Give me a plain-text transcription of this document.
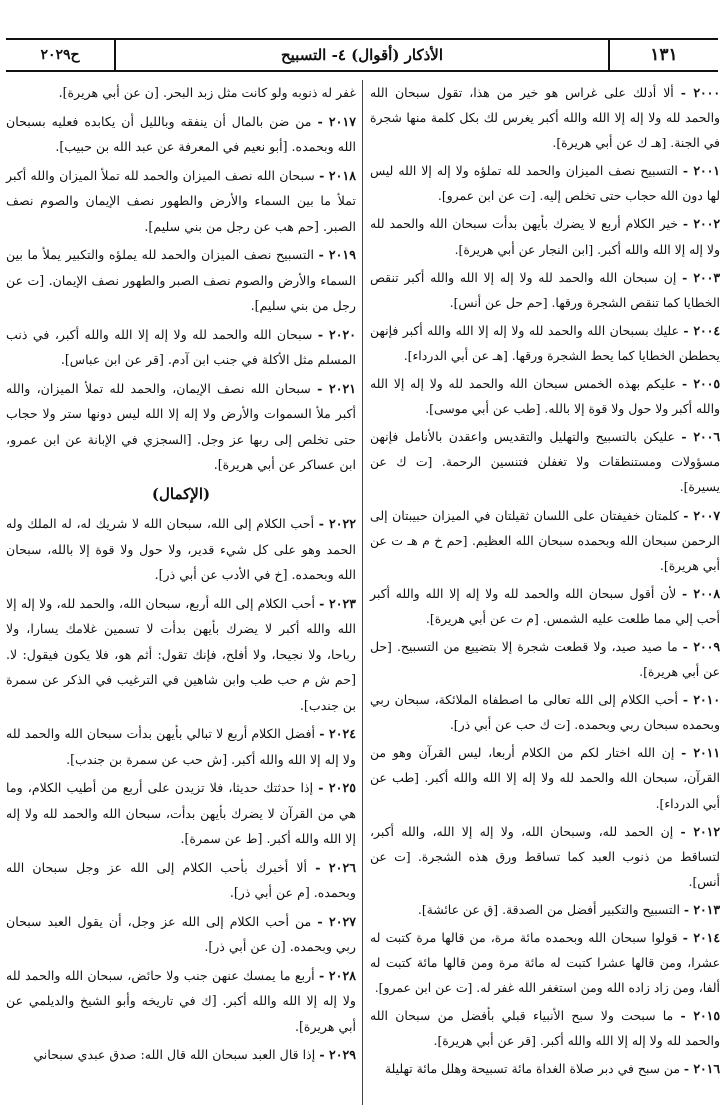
١٣١
الأذكار (أقوال) ٤- التسبيح
ح٢٠٢٩
٢٠٠٠ - ألا أدلك على غراس هو خير من هذا، تقول سبحان الله والحمد لله ولا إله إلا الله والله أكبر يغرس لك بكل كلمة منها شجرة في الجنة. [هـ ك عن أبي هريرة].
٢٠٠١ - التسبيح نصف الميزان والحمد لله تملؤه ولا إله إلا الله ليس لها دون الله حجاب حتى تخلص إليه. [ت عن ابن عمرو].
٢٠٠٢ - خير الكلام أربع لا يضرك بأيهن بدأت سبحان الله والحمد لله ولا إله إلا الله والله أكبر. [ابن النجار عن أبي هريرة].
٢٠٠٣ - إن سبحان الله والحمد لله ولا إله إلا الله والله أكبر تنقص الخطايا كما تنقص الشجرة ورقها. [حم حل عن أنس].
٢٠٠٤ - عليك بسبحان الله والحمد لله ولا إله إلا الله والله أكبر فإنهن يحططن الخطايا كما يحط الشجرة ورقها. [هـ عن أبي الدرداء].
٢٠٠٥ - عليكم بهذه الخمس سبحان الله والحمد لله ولا إله إلا الله والله أكبر ولا حول ولا قوة إلا بالله. [طب عن أبي موسى].
٢٠٠٦ - عليكن بالتسبيح والتهليل والتقديس واعقدن بالأنامل فإنهن مسؤولات ومستنطقات ولا تغفلن فتنسين الرحمة. [ت ك عن يسيرة].
٢٠٠٧ - كلمتان خفيفتان على اللسان ثقيلتان في الميزان حبيبتان إلى الرحمن سبحان الله وبحمده سبحان الله العظيم. [حم خ م هـ ت عن أبي هريرة].
٢٠٠٨ - لأن أقول سبحان الله والحمد لله ولا إله إلا الله والله أكبر أحب إلي مما طلعت عليه الشمس. [م ت عن أبي هريرة].
٢٠٠٩ - ما صيد صيد، ولا قطعت شجرة إلا بتضييع من التسبيح. [حل عن أبي هريرة].
٢٠١٠ - أحب الكلام إلى الله تعالى ما اصطفاه الملائكة، سبحان ربي وبحمده سبحان ربي وبحمده. [ت ك حب عن أبي ذر].
٢٠١١ - إن الله اختار لكم من الكلام أربعا، ليس القرآن وهو من القرآن، سبحان الله والحمد لله ولا إله إلا الله والله أكبر. [طب عن أبي الدرداء].
٢٠١٢ - إن الحمد لله، وسبحان الله، ولا إله إلا الله، والله أكبر، لتساقط من ذنوب العبد كما تساقط ورق هذه الشجرة. [ت عن أنس].
٢٠١٣ - التسبيح والتكبير أفضل من الصدقة. [ق عن عائشة].
٢٠١٤ - قولوا سبحان الله وبحمده مائة مرة، من قالها مرة كتبت له عشرا، ومن قالها عشرا كتبت له مائة مرة ومن قالها مائة كتبت له ألفا، ومن زاد زاده الله ومن استغفر الله غفر له. [ت عن ابن عمرو].
٢٠١٥ - ما سبحت ولا سبح الأنبياء قبلي بأفضل من سبحان الله والحمد لله ولا إله إلا الله والله أكبر. [قر عن أبي هريرة].
٢٠١٦ - من سبح في دبر صلاة الغداة مائة تسبيحة وهلل مائة تهليلة
غفر له ذنوبه ولو كانت مثل زبد البحر. [ن عن أبي هريرة].
٢٠١٧ - من ضن بالمال أن ينفقه وبالليل أن يكابده فعليه بسبحان الله وبحمده. [أبو نعيم في المعرفة عن عبد الله بن حبيب].
٢٠١٨ - سبحان الله نصف الميزان والحمد لله تملأ الميزان والله أكبر تملأ ما بين السماء والأرض والطهور نصف الإيمان والصوم نصف الصبر. [حم هب عن رجل من بني سليم].
٢٠١٩ - التسبيح نصف الميزان والحمد لله يملؤه والتكبير يملأ ما بين السماء والأرض والصوم نصف الصبر والطهور نصف الإيمان. [ت عن رجل من بني سليم].
٢٠٢٠ - سبحان الله والحمد لله ولا إله إلا الله والله أكبر، في ذنب المسلم مثل الأكلة في جنب ابن آدم. [قر عن ابن عباس].
٢٠٢١ - سبحان الله نصف الإيمان، والحمد لله تملأ الميزان، والله أكبر ملأ السموات والأرض ولا إله إلا الله ليس دونها ستر ولا حجاب حتى تخلص إلى ربها عز وجل. [السجزي في الإبانة عن ابن عمرو، ابن عساكر عن أبي هريرة].
(الإكمال)
٢٠٢٢ - أحب الكلام إلى الله، سبحان الله لا شريك له، له الملك وله الحمد وهو على كل شيء قدير، ولا حول ولا قوة إلا بالله، سبحان الله وبحمده. [خ في الأدب عن أبي ذر].
٢٠٢٣ - أحب الكلام إلى الله أربع، سبحان الله، والحمد لله، ولا إله إلا الله والله أكبر لا يضرك بأيهن بدأت لا تسمين غلامك يسارا، ولا رباحا، ولا نجيحا، ولا أفلح، فإنك تقول: أثم هو، فلا يكون فيقول: لا. [حم ش م حب طب وابن شاهين في الترغيب في الذكر عن سمرة بن جندب].
٢٠٢٤ - أفضل الكلام أربع لا تبالي بأيهن بدأت سبحان الله والحمد لله ولا إله إلا الله والله أكبر. [ش حب عن سمرة بن جندب].
٢٠٢٥ - إذا حدثتك حديثا، فلا تزيدن على أربع من أطيب الكلام، وما هي من القرآن لا يضرك بأيهن بدأت، سبحان الله والحمد لله ولا إله إلا الله والله أكبر. [ط عن سمرة].
٢٠٢٦ - ألا أخبرك بأحب الكلام إلى الله عز وجل سبحان الله وبحمده. [م عن أبي ذر].
٢٠٢٧ - من أحب الكلام إلى الله عز وجل، أن يقول العبد سبحان ربي وبحمده. [ن عن أبي ذر].
٢٠٢٨ - أربع ما يمسك عنهن جنب ولا حائض، سبحان الله والحمد لله ولا إله إلا الله والله أكبر. [ك في تاريخه وأبو الشيخ والديلمي عن أبي هريرة].
٢٠٢٩ - إذا قال العبد سبحان الله قال الله: صدق عبدي سبحاني
